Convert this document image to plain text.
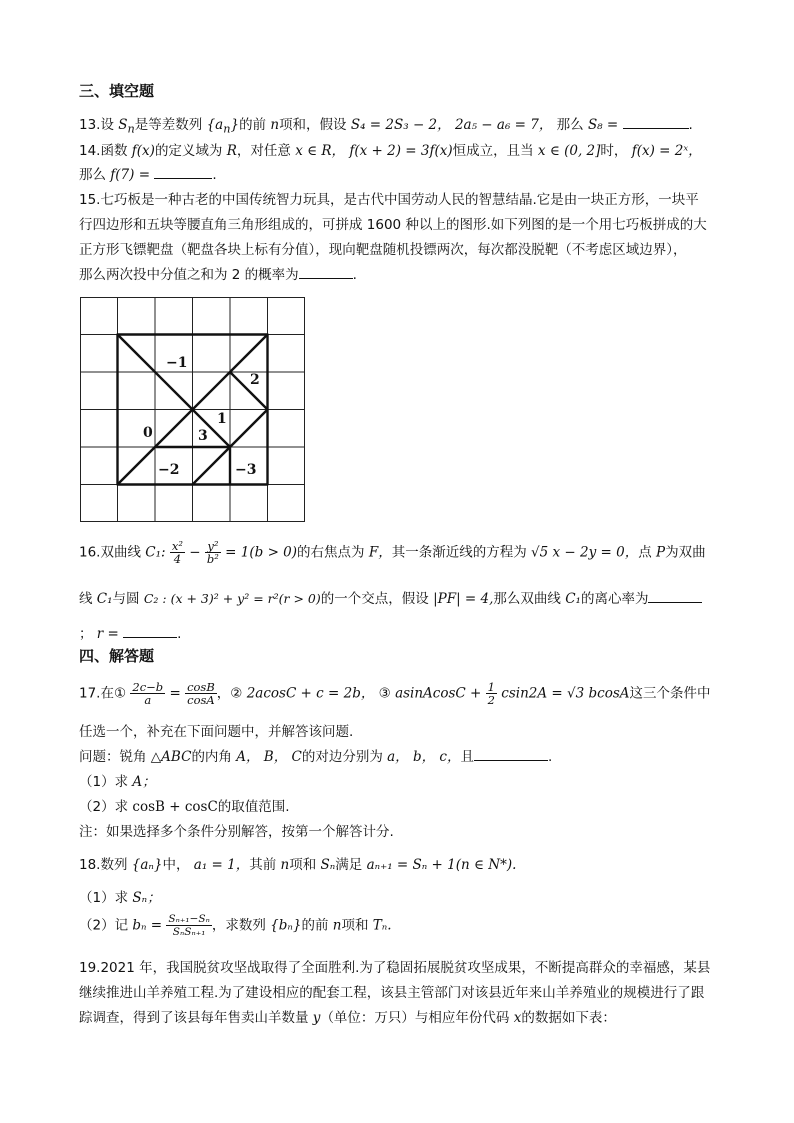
三、填空题
13.设 $S_n$是等差数列 $\{a_n\}$的前 n项和，假设 S₄ = 2S₃ − 2， 2a₅ − a₆ = 7， 那么 S₈ =	.
14.函数 f(x)的定义域为 R，对任意 x ∈ R， f(x + 2) = 3f(x)恒成立，且当 x ∈ (0, 2]时， f(x) = 2ˣ，
那么 f(7) =	.
15.七巧板是一种古老的中国传统智力玩具，是古代中国劳动人民的智慧结晶.它是由一块正方形，一块平
行四边形和五块等腰直角三角形组成的，可拼成 1600 种以上的图形.如下列图的是一个用七巧板拼成的大
正方形飞镖靶盘（靶盘各块上标有分值），现向靶盘随机投镖两次，每次都没脱靶（不考虑区域边界），
那么两次投中分值之和为 2 的概率为	.
−1
2
1
0	3
−2	−3
16.双曲线 C₁: $\frac{\text{x²}}{4} - \frac{\text{y²}}{\text{b²}} = 1(b > 0)$的右焦点为 F，其一条渐近线的方程为 √5 x − 2y = 0，点 P为双曲
线 C₁与圆 C₂ : (x + 3)² + y² = r²(r > 0)的一个交点，假设 |PF| = 4,那么双曲线 C₁的离心率为
； r =	.
四、解答题
17.在① $\frac{2c-b}{a} = \frac{\cos B}{\cos A}$ ，② 2acosC + c = 2b， ③ asinAcosC + $\frac{1}{2} csin2A = √3$ bcosA这三个条件中
任选一个，补充在下面问题中，并解答该问题.
问题：锐角 △ABC的内角 A， B， C的对边分别为 a， b， c，且	.
（1）求 A；
（2）求 cosB + cosC的取值范围.
注：如果选择多个条件分别解答，按第一个解答计分.
18.数列 {aₙ}中， a₁ = 1，其前 n项和 Sₙ满足 aₙ₊₁ = Sₙ + 1(n ∈ N*).
（1）求 Sₙ；
（2）记 $b_n = \frac{\text{Sₙ₊₁−Sₙ}}{\text{SₙSₙ₊₁}}$ ，求数列 {bₙ}的前 n项和 Tₙ.
19.2021 年，我国脱贫攻坚战取得了全面胜利.为了稳固拓展脱贫攻坚成果，不断提高群众的幸福感，某县
继续推进山羊养殖工程.为了建设相应的配套工程，该县主管部门对该县近年来山羊养殖业的规模进行了跟
踪调查，得到了该县每年售卖山羊数量 y（单位：万只）与相应年份代码 x的数据如下表：
